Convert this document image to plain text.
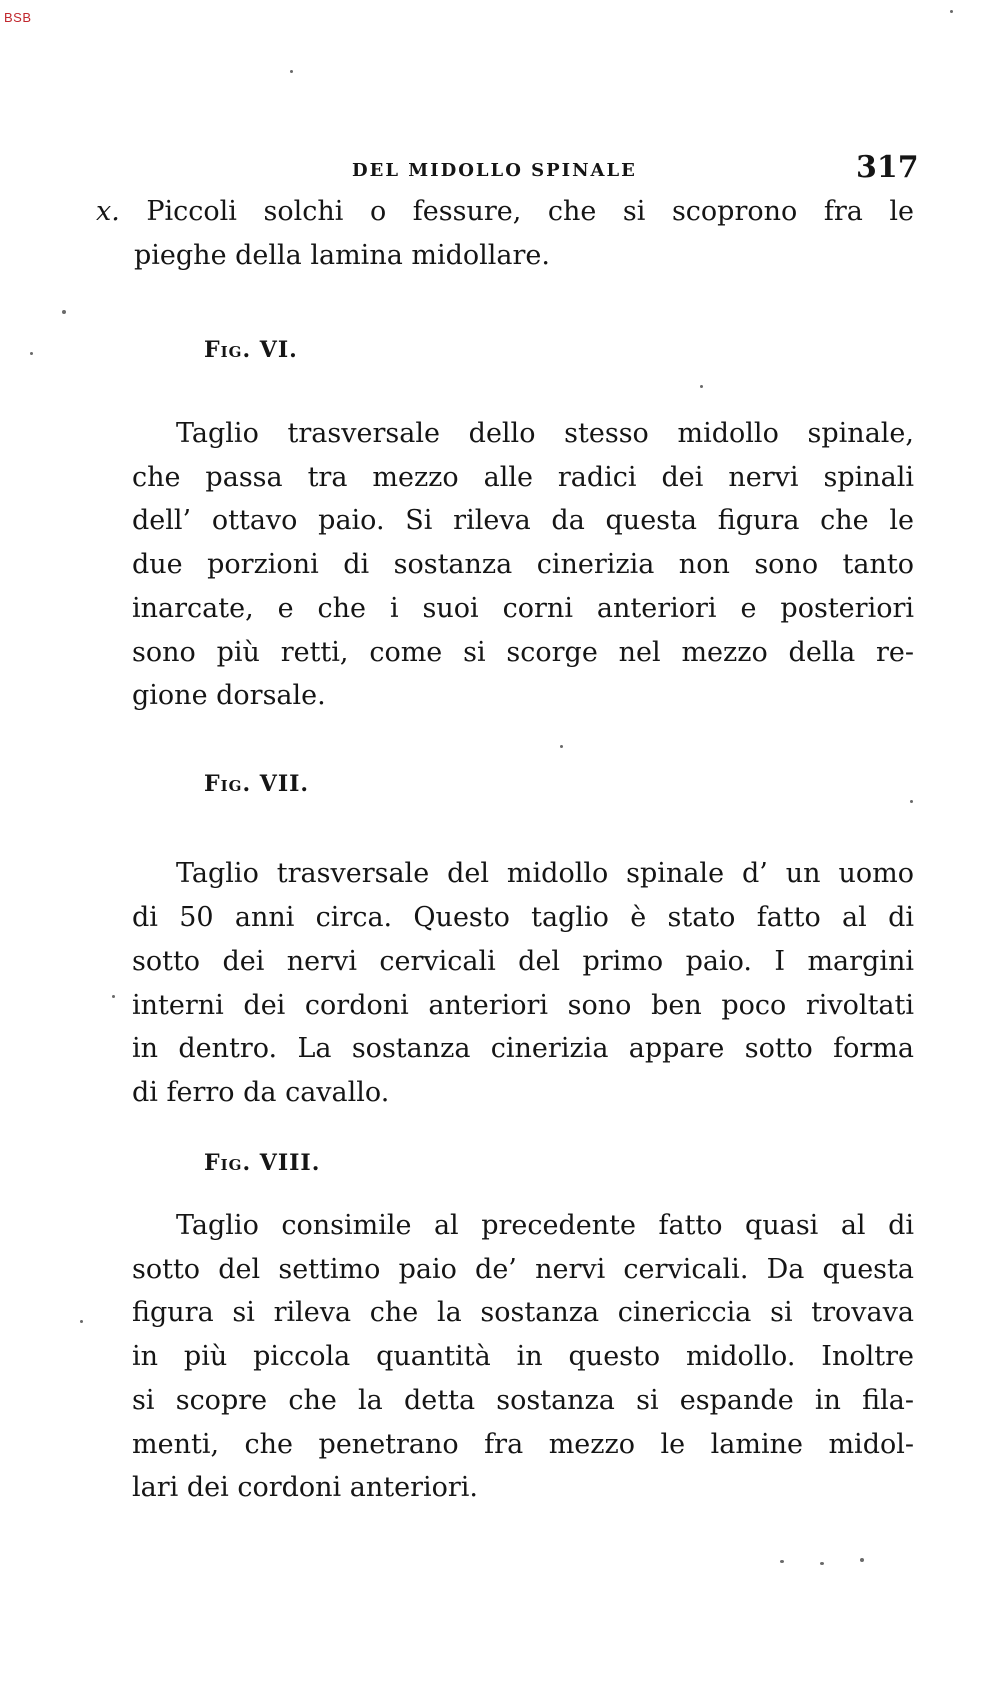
BSB
DEL MIDOLLO SPINALE	317
x. Piccoli solchi o fessure, che si scoprono fra le
pieghe della lamina midollare.
Fig. VI.
Taglio trasversale dello stesso midollo spinale,
che passa tra mezzo alle radici dei nervi spinali
dell’ ottavo paio. Si rileva da questa figura che le
due porzioni di sostanza cinerizia non sono tanto
inarcate, e che i suoi corni anteriori e posteriori
sono più retti, come si scorge nel mezzo della re-
gione dorsale.
Fig. VII.
Taglio trasversale del midollo spinale d’ un uomo
di 50 anni circa. Questo taglio è stato fatto al di
sotto dei nervi cervicali del primo paio. I margini
interni dei cordoni anteriori sono ben poco rivoltati
in dentro. La sostanza cinerizia appare sotto forma
di ferro da cavallo.
Fig. VIII.
Taglio consimile al precedente fatto quasi al di
sotto del settimo paio de’ nervi cervicali. Da questa
figura si rileva che la sostanza cinericcia si trovava
in più piccola quantità in questo midollo. Inoltre
si scopre che la detta sostanza si espande in fila-
menti, che penetrano fra mezzo le lamine midol-
lari dei cordoni anteriori.
